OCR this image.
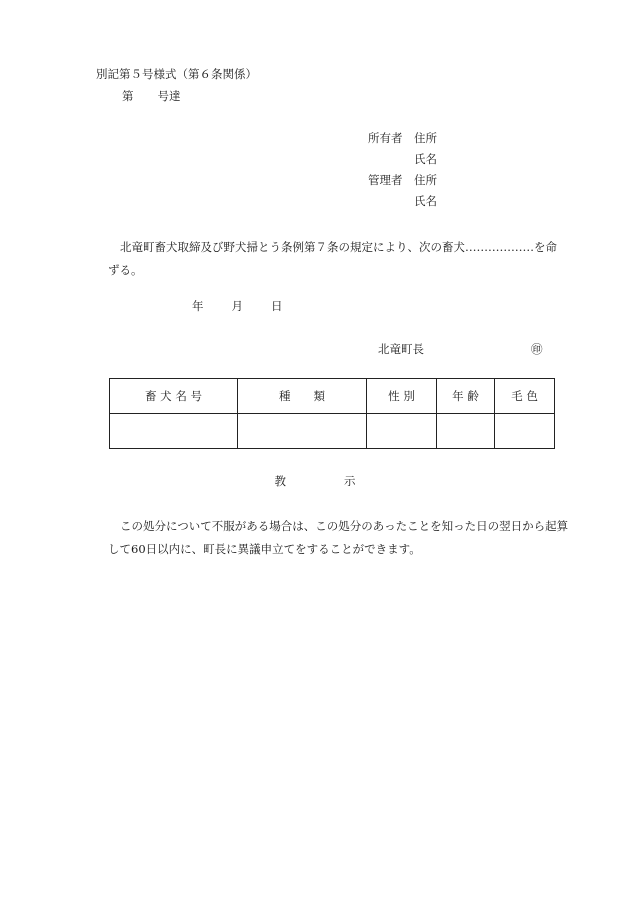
別記第５号様式（第６条関係）
第 号達
所有者 住所
氏名
管理者 住所
氏名
北竜町畜犬取締及び野犬掃とう条例第７条の規定により、次の畜犬………………を命ずる。
年 月 日
北竜町長	㊞
畜 犬 名 号	種　　類	性 別	年 齢	毛 色

教	示
この処分について不服がある場合は、この処分のあったことを知った日の翌日から起算して60日以内に、町長に異議申立てをすることができます。
